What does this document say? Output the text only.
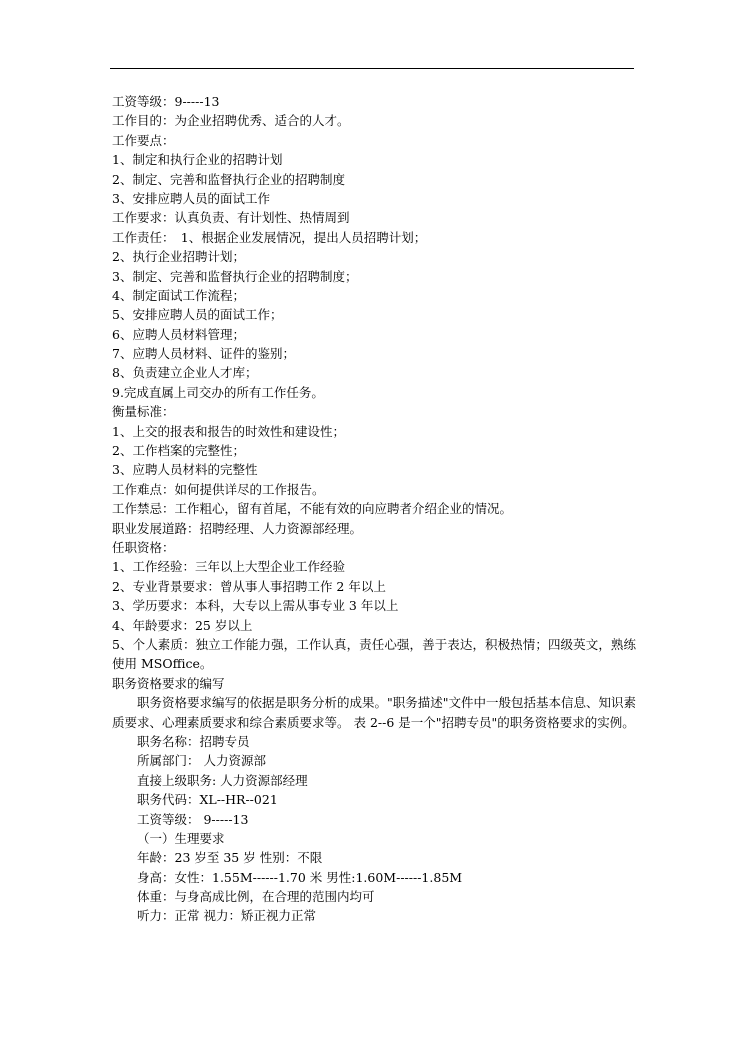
工资等级：9-----13
工作目的：为企业招聘优秀、适合的人才。
工作要点：
1、制定和执行企业的招聘计划
2、制定、完善和监督执行企业的招聘制度
3、安排应聘人员的面试工作
工作要求：认真负责、有计划性、热情周到
工作责任：　1、根据企业发展情况，提出人员招聘计划；
2、执行企业招聘计划；
3、制定、完善和监督执行企业的招聘制度；
4、制定面试工作流程；
5、安排应聘人员的面试工作；
6、应聘人员材料管理；
7、应聘人员材料、证件的鉴别；
8、负责建立企业人才库；
9.完成直属上司交办的所有工作任务。
衡量标准：
1、上交的报表和报告的时效性和建设性；
2、工作档案的完整性；
3、应聘人员材料的完整性
工作难点：如何提供详尽的工作报告。
工作禁忌：工作粗心，留有首尾，不能有效的向应聘者介绍企业的情况。
职业发展道路：招聘经理、人力资源部经理。
任职资格：
1、工作经验：三年以上大型企业工作经验
2、专业背景要求：曾从事人事招聘工作 2 年以上
3、学历要求：本科，大专以上需从事专业 3 年以上
4、年龄要求：25 岁以上
5、个人素质：独立工作能力强，工作认真，责任心强，善于表达，积极热情；四级英文，熟练使用 MSOffice。
职务资格要求的编写
职务资格要求编写的依据是职务分析的成果。"职务描述"文件中一般包括基本信息、知识素质要求、心理素质要求和综合素质要求等。 表 2--6 是一个"招聘专员"的职务资格要求的实例。
职务名称：招聘专员
所属部门： 人力资源部
直接上级职务: 人力资源部经理
职务代码：XL--HR--021
工资等级： 9-----13
（一）生理要求
年龄：23 岁至 35 岁 性别：不限
身高：女性：1.55M------1.70 米 男性:1.60M------1.85M
体重：与身高成比例，在合理的范围内均可
听力：正常 视力：矫正视力正常
